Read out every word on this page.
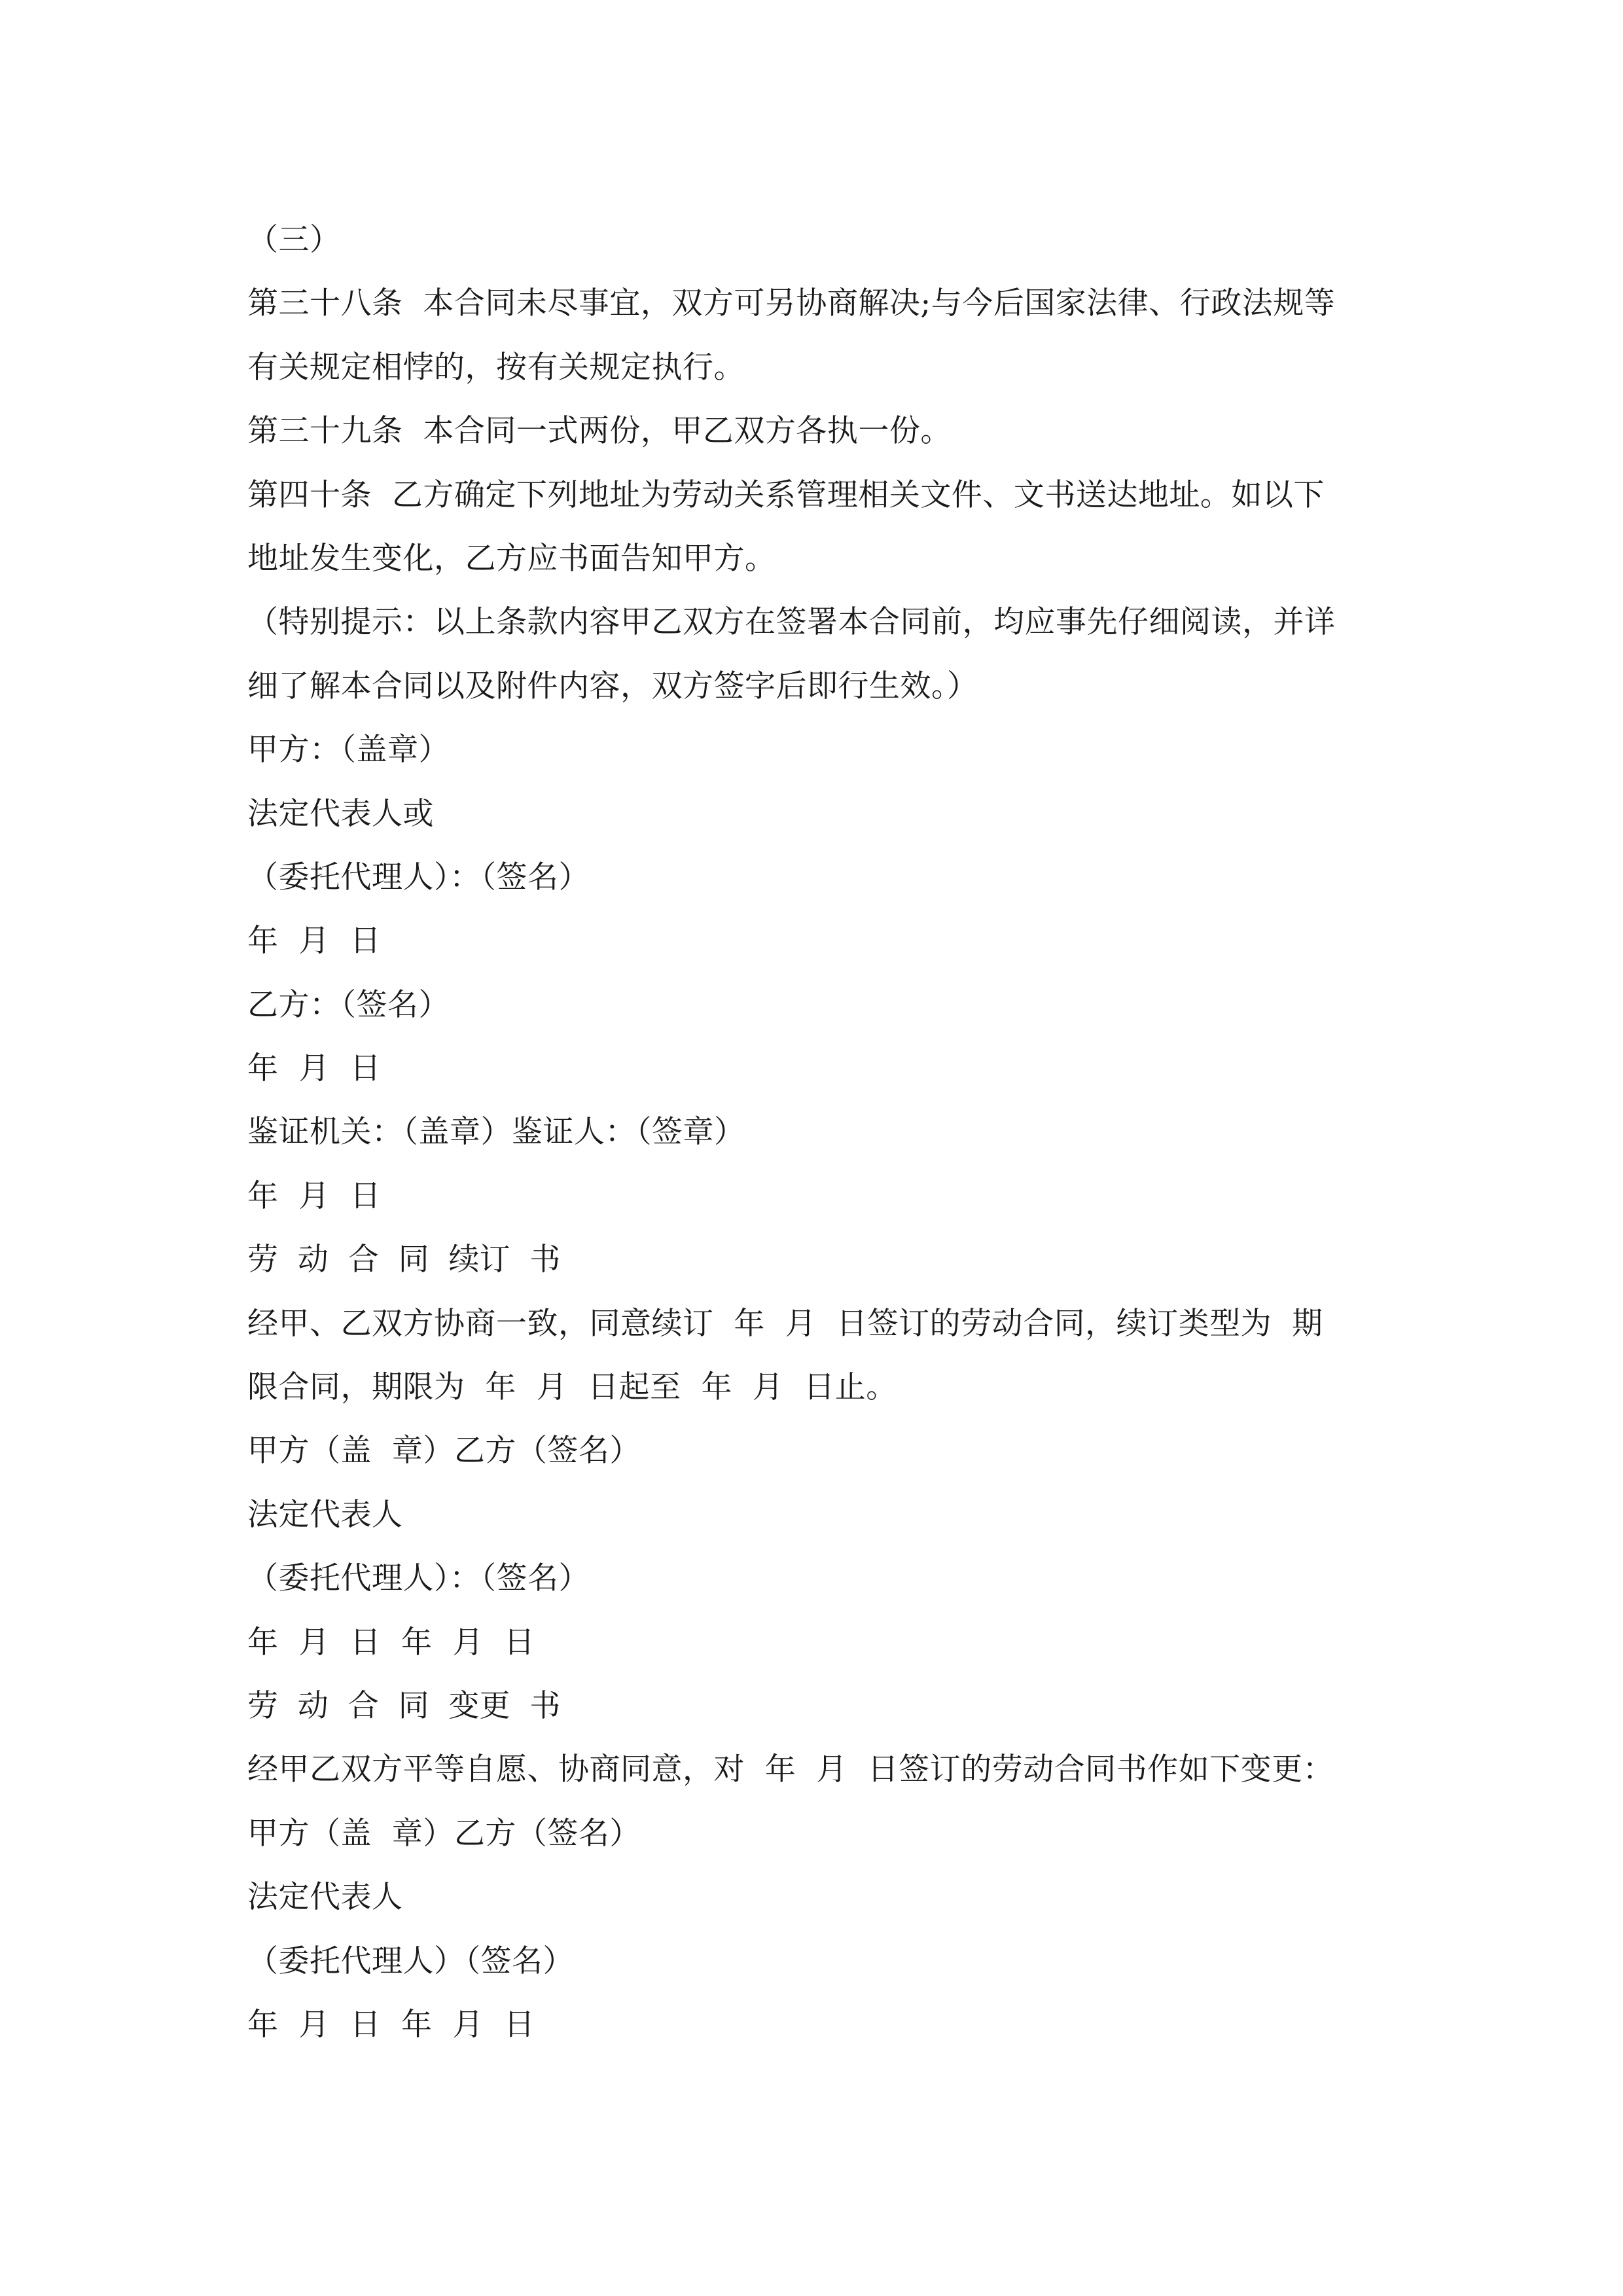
（三）
第三十八条  本合同未尽事宜，双方可另协商解决;与今后国家法律、行政法规等
有关规定相悖的，按有关规定执行。
第三十九条  本合同一式两份，甲乙双方各执一份。
第四十条  乙方确定下列地址为劳动关系管理相关文件、文书送达地址。如以下
地址发生变化，乙方应书面告知甲方。
（特别提示：以上条款内容甲乙双方在签署本合同前，均应事先仔细阅读，并详
细了解本合同以及附件内容，双方签字后即行生效。）
甲方：（盖章）
法定代表人或
（委托代理人）：（签名）
年  月  日
乙方：（签名）
年  月  日
鉴证机关：（盖章）鉴证人：（签章）
年  月  日
劳  动  合  同  续订  书
经甲、乙双方协商一致，同意续订  年  月  日签订的劳动合同，续订类型为  期
限合同，期限为  年  月  日起至  年  月  日止。
甲方（盖  章）乙方（签名）
法定代表人
（委托代理人）：（签名）
年  月  日  年  月  日
劳  动  合  同  变更  书
经甲乙双方平等自愿、协商同意，对  年  月  日签订的劳动合同书作如下变更：
甲方（盖  章）乙方（签名）
法定代表人
（委托代理人）（签名）
年  月  日  年  月  日
